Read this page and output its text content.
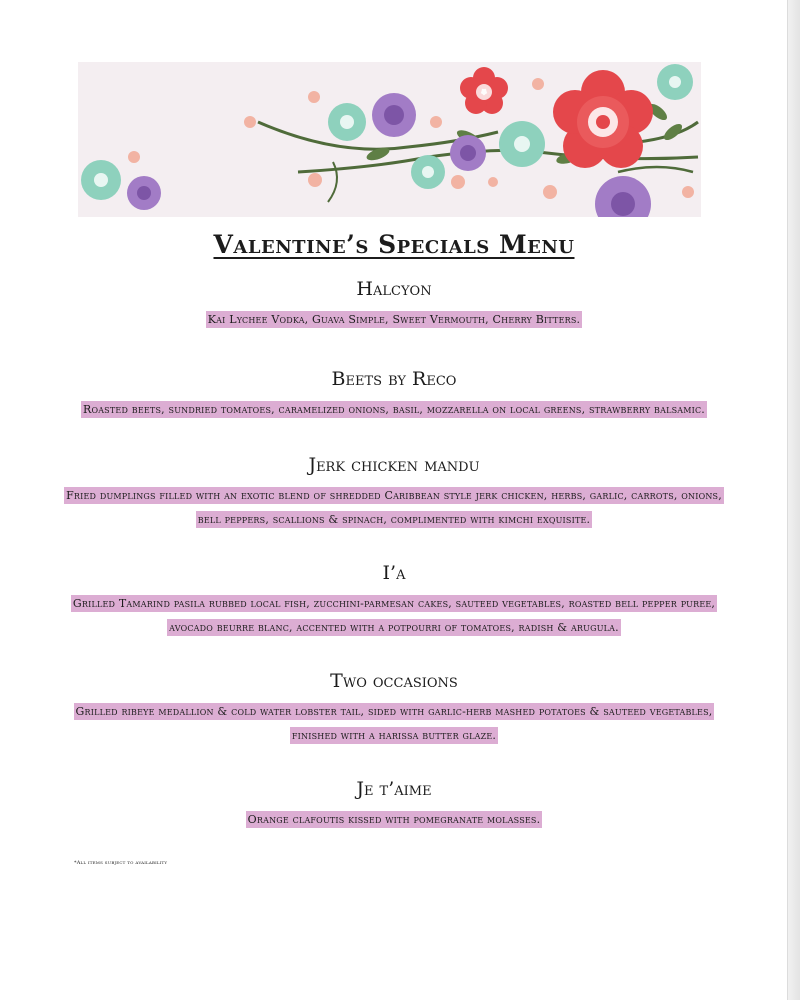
Valentine’s Specials Menu
Halcyon

Kai Lychee Vodka, Guava Simple, Sweet Vermouth, Cherry Bitters.

Beets by Reco

Roasted beets, sundried tomatoes, caramelized onions, basil, mozzarella on local greens, strawberry balsamic.

Jerk chicken mandu

Fried dumplings filled with an exotic blend of shredded Caribbean style jerk chicken, herbs, garlic, carrots, onions,

bell peppers, scallions & spinach, complimented with kimchi exquisite.

I’a

Grilled Tamarind pasila rubbed local fish, zucchini-parmesan cakes, sauteed vegetables, roasted bell pepper puree,

avocado beurre blanc, accented with a potpourri of tomatoes, radish & arugula.

Two occasions

Grilled ribeye medallion & cold water lobster tail, sided with garlic-herb mashed potatoes & sauteed vegetables,

finished with a harissa butter glaze.

Je t’aime

Orange clafoutis kissed with pomegranate molasses.

*All items subject to availability
